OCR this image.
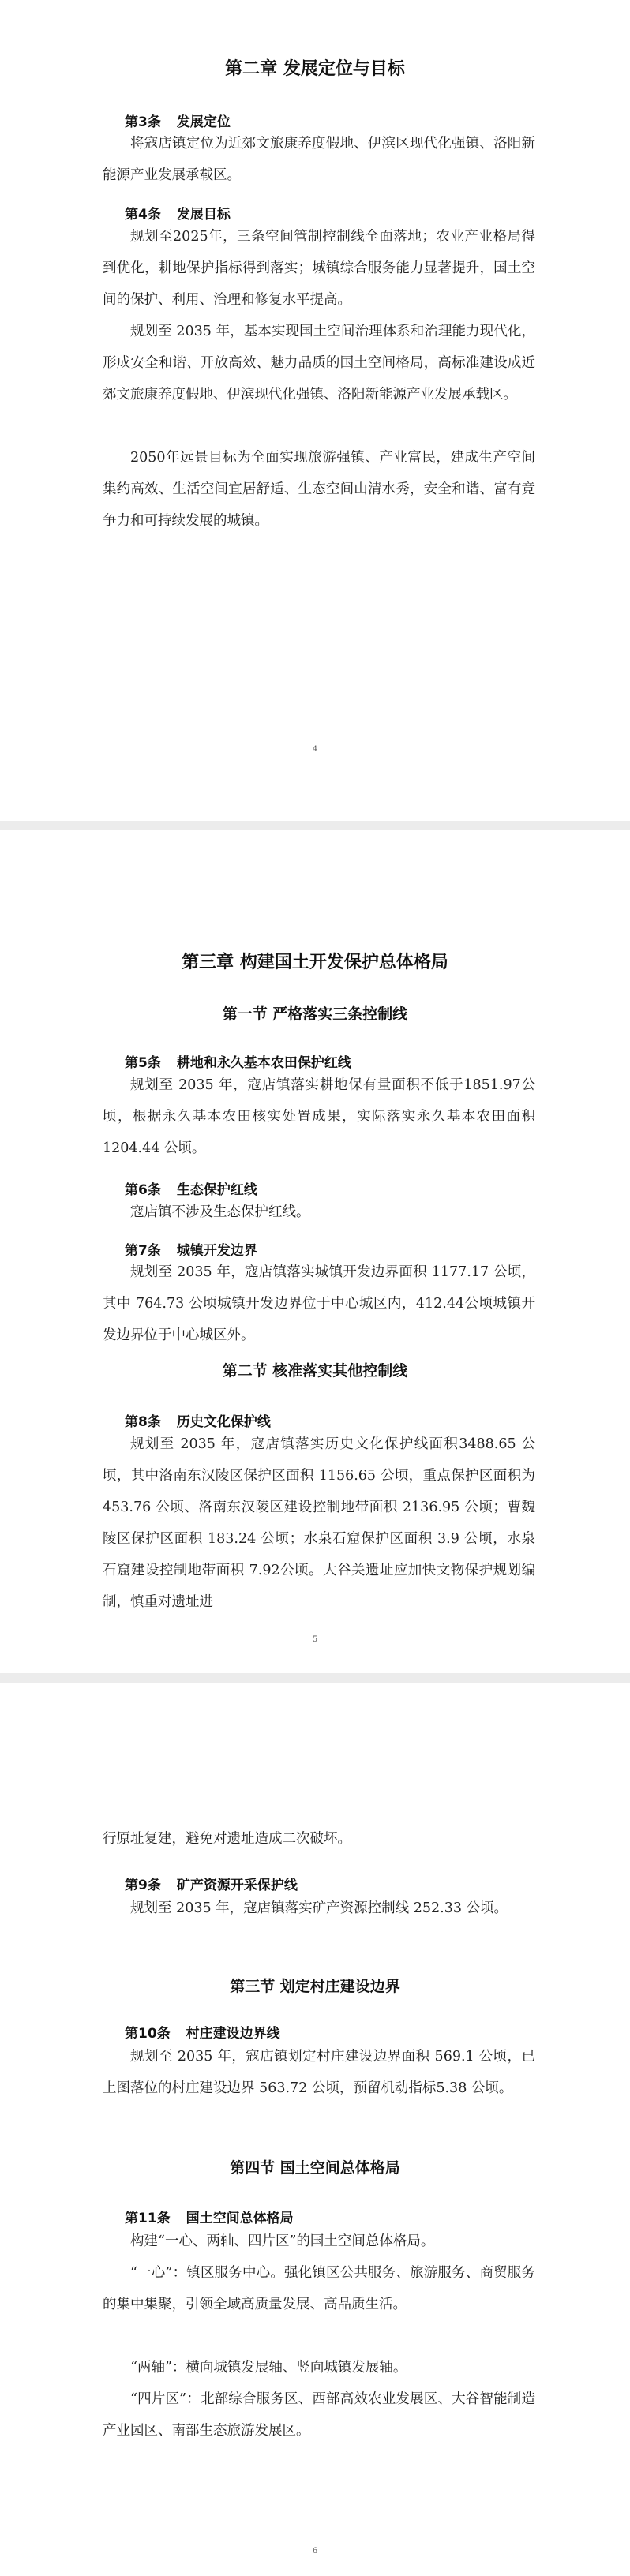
第二章 发展定位与目标
第3条 发展定位

将寇店镇定位为近郊文旅康养度假地、伊滨区现代化强镇、洛阳新能源产业发展承载区。

第4条 发展目标

规划至2025年，三条空间管制控制线全面落地；农业产业格局得到优化，耕地保护指标得到落实；城镇综合服务能力显著提升，国土空间的保护、利用、治理和修复水平提高。

规划至 2035 年，基本实现国土空间治理体系和治理能力现代化，形成安全和谐、开放高效、魅力品质的国土空间格局，高标准建设成近郊文旅康养度假地、伊滨现代化强镇、洛阳新能源产业发展承载区。

2050年远景目标为全面实现旅游强镇、产业富民，建成生产空间集约高效、生活空间宜居舒适、生态空间山清水秀，安全和谐、富有竞争力和可持续发展的城镇。

4
第三章 构建国土开发保护总体格局
第一节 严格落实三条控制线
第5条 耕地和永久基本农田保护红线

规划至 2035 年，寇店镇落实耕地保有量面积不低于1851.97公顷，根据永久基本农田核实处置成果，实际落实永久基本农田面积 1204.44 公顷。

第6条 生态保护红线

寇店镇不涉及生态保护红线。

第7条 城镇开发边界

规划至 2035 年，寇店镇落实城镇开发边界面积 1177.17 公顷，其中 764.73 公顷城镇开发边界位于中心城区内，412.44公顷城镇开发边界位于中心城区外。

第二节 核准落实其他控制线
第8条 历史文化保护线

规划至 2035 年，寇店镇落实历史文化保护线面积3488.65 公顷，其中洛南东汉陵区保护区面积 1156.65 公顷，重点保护区面积为 453.76 公顷、洛南东汉陵区建设控制地带面积 2136.95 公顷；曹魏陵区保护区面积 183.24 公顷；水泉石窟保护区面积 3.9 公顷，水泉石窟建设控制地带面积 7.92公顷。大谷关遗址应加快文物保护规划编制，慎重对遗址进

5

行原址复建，避免对遗址造成二次破坏。

第9条 矿产资源开采保护线

规划至 2035 年，寇店镇落实矿产资源控制线 252.33 公顷。

第三节 划定村庄建设边界
第10条 村庄建设边界线

规划至 2035 年，寇店镇划定村庄建设边界面积 569.1 公顷，已上图落位的村庄建设边界 563.72 公顷，预留机动指标5.38 公顷。

第四节 国土空间总体格局
第11条 国土空间总体格局

构建“一心、两轴、四片区”的国土空间总体格局。

“一心”：镇区服务中心。强化镇区公共服务、旅游服务、商贸服务的集中集聚，引领全域高质量发展、高品质生活。

“两轴”：横向城镇发展轴、竖向城镇发展轴。

“四片区”：北部综合服务区、西部高效农业发展区、大谷智能制造产业园区、南部生态旅游发展区。

6
